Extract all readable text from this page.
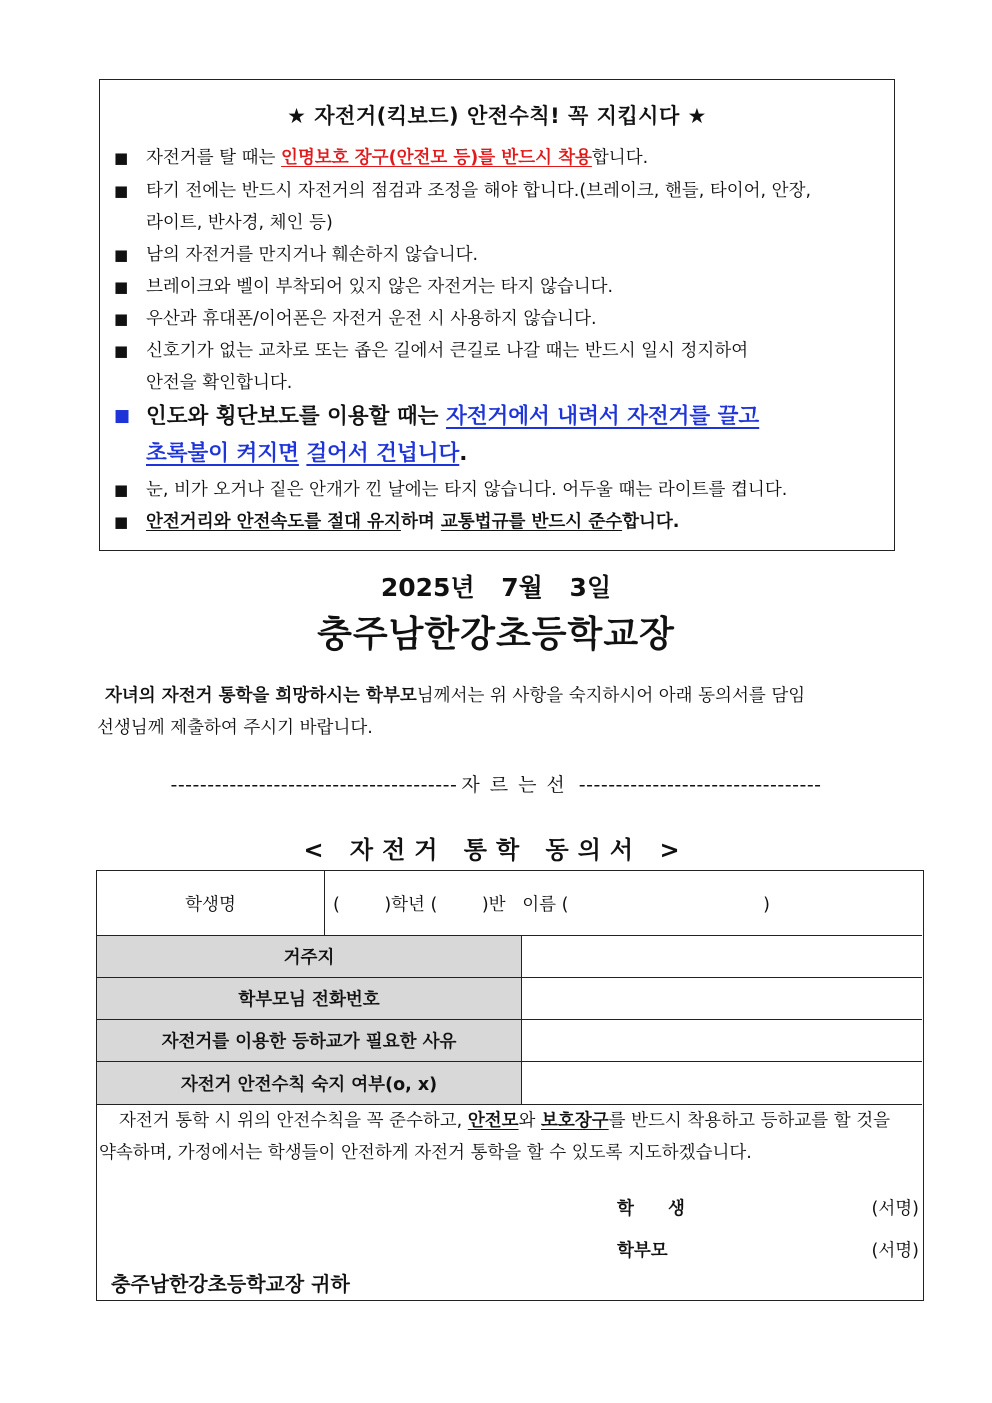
★ 자전거(킥보드) 안전수칙! 꼭 지킵시다 ★
■ 자전거를 탈 때는 인명보호 장구(안전모 등)를 반드시 착용합니다.
■ 타기 전에는 반드시 자전거의 점검과 조정을 해야 합니다.(브레이크, 핸들, 타이어, 안장,
라이트, 반사경, 체인 등)
■ 남의 자전거를 만지거나 훼손하지 않습니다.
■ 브레이크와 벨이 부착되어 있지 않은 자전거는 타지 않습니다.
■ 우산과 휴대폰/이어폰은 자전거 운전 시 사용하지 않습니다.
■ 신호기가 없는 교차로 또는 좁은 길에서 큰길로 나갈 때는 반드시 일시 정지하여
안전을 확인합니다.
■ 인도와 횡단보도를 이용할 때는 자전거에서 내려서 자전거를 끌고
초록불이 켜지면 걸어서 건넙니다.
■ 눈, 비가 오거나 짙은 안개가 낀 날에는 타지 않습니다. 어두울 때는 라이트를 켭니다.
■ 안전거리와 안전속도를 절대 유지하며 교통법규를 반드시 준수합니다.
2025년 7월 3일
충주남한강초등학교장
자녀의 자전거 통학을 희망하시는 학부모님께서는 위 사항을 숙지하시어 아래 동의서를 담임
선생님께 제출하여 주시기 바랍니다.
--------------------------------------- 자르는선 ---------------------------------
< 자전거 통학 동의서 >
학생명	(        )학년 (        )반   이름 (                                   )
거주지
학부모님 전화번호
자전거를 이용한 등하교가 필요한 사유
자전거 안전수칙 숙지 여부(o, x)
자전거 통학 시 위의 안전수칙을 꼭 준수하고, 안전모와 보호장구를 반드시 착용하고 등하교를 할 것을
약속하며, 가정에서는 학생들이 안전하게 자전거 통학을 할 수 있도록 지도하겠습니다.
학 생	(서명)
학부모	(서명)
충주남한강초등학교장 귀하
